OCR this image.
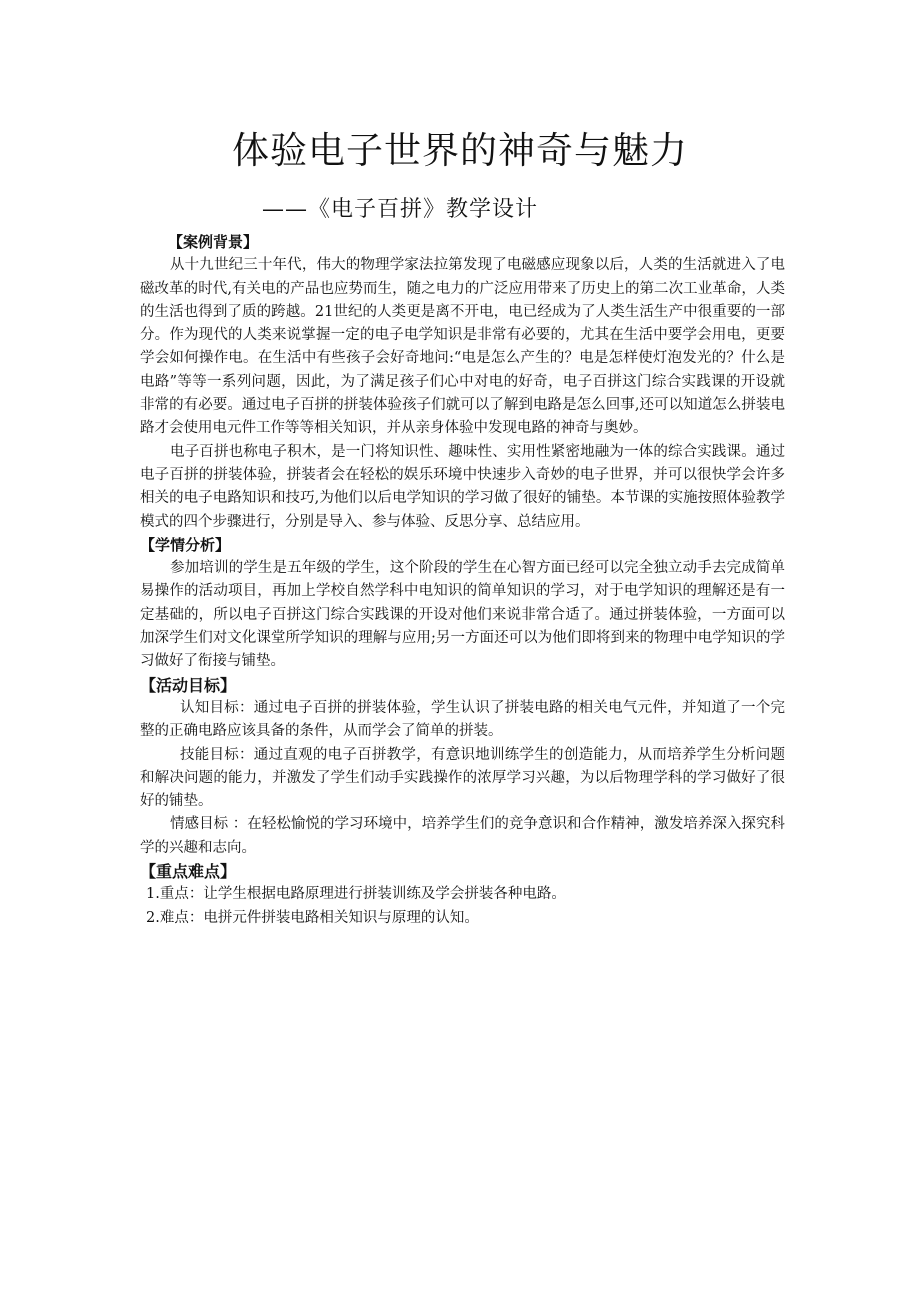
体验电子世界的神奇与魅力
——《电子百拼》教学设计

【案例背景】

从十九世纪三十年代，伟大的物理学家法拉第发现了电磁感应现象以后，人类的生活就进入了电磁改革的时代,有关电的产品也应势而生，随之电力的广泛应用带来了历史上的第二次工业革命，人类的生活也得到了质的跨越。21世纪的人类更是离不开电，电已经成为了人类生活生产中很重要的一部分。作为现代的人类来说掌握一定的电子电学知识是非常有必要的，尤其在生活中要学会用电，更要学会如何操作电。在生活中有些孩子会好奇地问:“电是怎么产生的？电是怎样使灯泡发光的？什么是电路”等等一系列问题，因此，为了满足孩子们心中对电的好奇，电子百拼这门综合实践课的开设就非常的有必要。通过电子百拼的拼装体验孩子们就可以了解到电路是怎么回事,还可以知道怎么拼装电路才会使用电元件工作等等相关知识，并从亲身体验中发现电路的神奇与奥妙。

电子百拼也称电子积木，是一门将知识性、趣味性、实用性紧密地融为一体的综合实践课。通过电子百拼的拼装体验，拼装者会在轻松的娱乐环境中快速步入奇妙的电子世界，并可以很快学会许多相关的电子电路知识和技巧,为他们以后电学知识的学习做了很好的铺垫。本节课的实施按照体验教学模式的四个步骤进行，分别是导入、参与体验、反思分享、总结应用。

【学情分析】

参加培训的学生是五年级的学生，这个阶段的学生在心智方面已经可以完全独立动手去完成简单易操作的活动项目，再加上学校自然学科中电知识的简单知识的学习，对于电学知识的理解还是有一定基础的，所以电子百拼这门综合实践课的开设对他们来说非常合适了。通过拼装体验，一方面可以加深学生们对文化课堂所学知识的理解与应用;另一方面还可以为他们即将到来的物理中电学知识的学习做好了衔接与铺垫。

【活动目标】

认知目标：通过电子百拼的拼装体验，学生认识了拼装电路的相关电气元件，并知道了一个完整的正确电路应该具备的条件，从而学会了简单的拼装。

技能目标：通过直观的电子百拼教学，有意识地训练学生的创造能力，从而培养学生分析问题和解决问题的能力，并激发了学生们动手实践操作的浓厚学习兴趣，为以后物理学科的学习做好了很好的铺垫。

情感目标 ：在轻松愉悦的学习环境中，培养学生们的竞争意识和合作精神，激发培养深入探究科学的兴趣和志向。

【重点难点】

1.重点：让学生根据电路原理进行拼装训练及学会拼装各种电路。

2.难点：电拼元件拼装电路相关知识与原理的认知。
